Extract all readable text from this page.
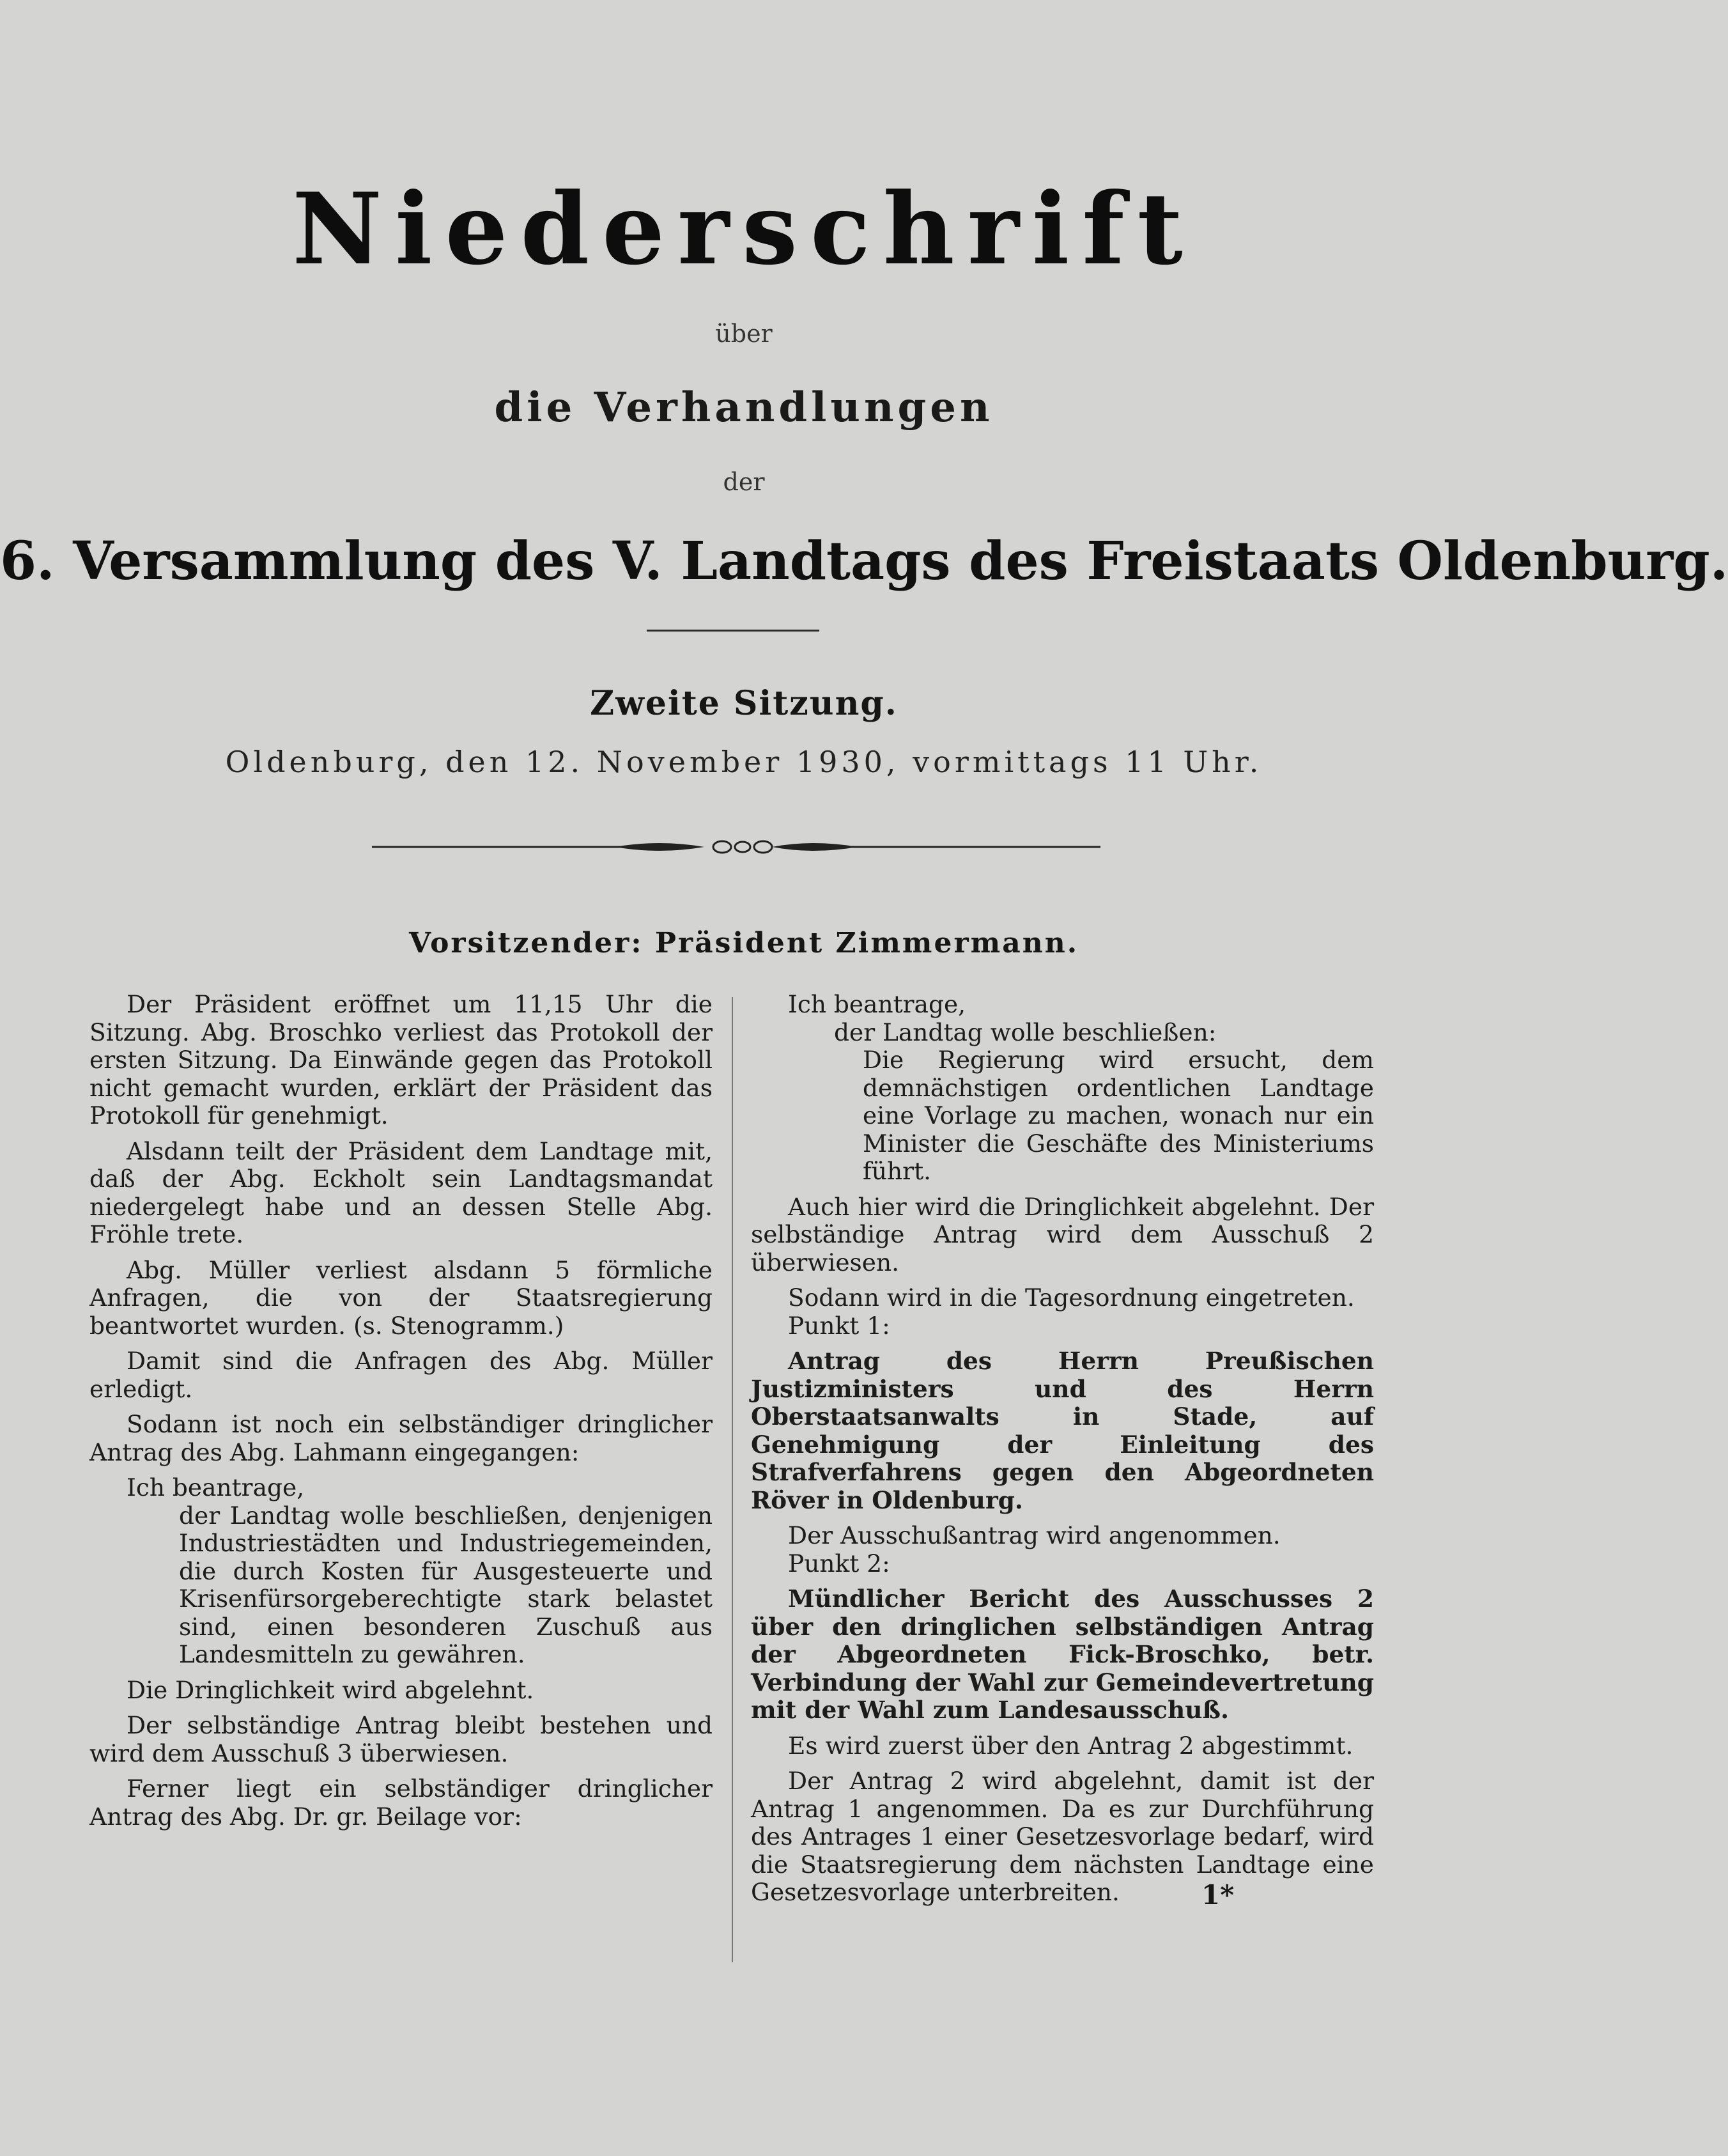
Niederschrift
über
die Verhandlungen
der
6. Versammlung des V. Landtags des Freistaats Oldenburg.
Zweite Sitzung.
Oldenburg, den 12. November 1930, vormittags 11 Uhr.
Vorsitzender: Präsident Zimmermann.

Der Präsident eröffnet um 11,15 Uhr die Sitzung. Abg. Broschko verliest das Protokoll der ersten Sitzung. Da Einwände gegen das Protokoll nicht gemacht wurden, erklärt der Präsident das Protokoll für genehmigt.

Alsdann teilt der Präsident dem Landtage mit, daß der Abg. Eckholt sein Landtagsmandat niedergelegt habe und an dessen Stelle Abg. Fröhle trete.

Abg. Müller verliest alsdann 5 förmliche Anfragen, die von der Staatsregierung beantwortet wurden. (s. Stenogramm.)

Damit sind die Anfragen des Abg. Müller erledigt.

Sodann ist noch ein selbständiger dringlicher Antrag des Abg. Lahmann eingegangen:

Ich beantrage,

der Landtag wolle beschließen, denjenigen Industriestädten und Industriegemeinden, die durch Kosten für Ausgesteuerte und Krisenfürsorgeberechtigte stark belastet sind, einen besonderen Zuschuß aus Landesmitteln zu gewähren.

Die Dringlichkeit wird abgelehnt.

Der selbständige Antrag bleibt bestehen und wird dem Ausschuß 3 überwiesen.

Ferner liegt ein selbständiger dringlicher Antrag des Abg. Dr. gr. Beilage vor:

Ich beantrage,

der Landtag wolle beschließen:

Die Regierung wird ersucht, dem demnächstigen ordentlichen Landtage eine Vorlage zu machen, wonach nur ein Minister die Geschäfte des Ministeriums führt.

Auch hier wird die Dringlichkeit abgelehnt. Der selbständige Antrag wird dem Ausschuß 2 überwiesen.

Sodann wird in die Tagesordnung eingetreten.

Punkt 1:

Antrag des Herrn Preußischen Justizministers und des Herrn Oberstaatsanwalts in Stade, auf Genehmigung der Einleitung des Strafverfahrens gegen den Abgeordneten Röver in Oldenburg.

Der Ausschußantrag wird angenommen.

Punkt 2:

Mündlicher Bericht des Ausschusses 2 über den dringlichen selbständigen Antrag der Abgeordneten Fick-Broschko, betr. Verbindung der Wahl zur Gemeindevertretung mit der Wahl zum Landesausschuß.

Es wird zuerst über den Antrag 2 abgestimmt.

Der Antrag 2 wird abgelehnt, damit ist der Antrag 1 angenommen. Da es zur Durchführung des Antrages 1 einer Gesetzesvorlage bedarf, wird die Staatsregierung dem nächsten Landtage eine Gesetzesvorlage unterbreiten.	1*
